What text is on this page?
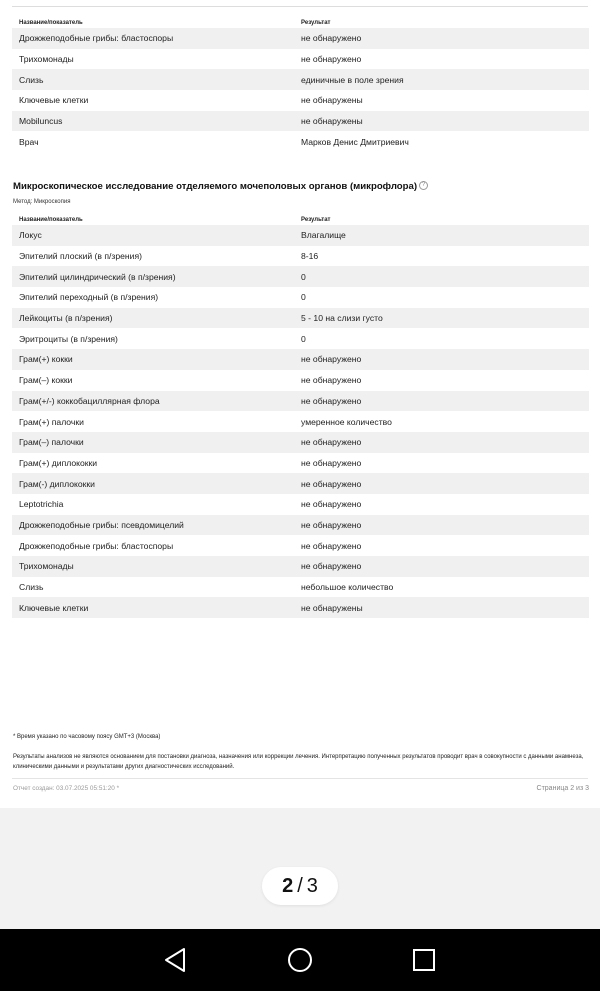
Название/показатель	Результат
Дрожжеподобные грибы: бластоспоры	не обнаружено
Трихомонады	не обнаружено
Слизь	единичные в поле зрения
Ключевые клетки	не обнаружены
Mobiluncus	не обнаружены
Врач	Марков Денис Дмитриевич
Микроскопическое исследование отделяемого мочеполовых органов (микрофлора) ?
Метод: Микроскопия
Название/показатель	Результат
Локус	Влагалище
Эпителий плоский (в п/зрения)	8-16
Эпителий цилиндрический (в п/зрения)	0
Эпителий переходный (в п/зрения)	0
Лейкоциты (в п/зрения)	5 - 10 на слизи густо
Эритроциты (в п/зрения)	0
Грам(+) кокки	не обнаружено
Грам(–) кокки	не обнаружено
Грам(+/-) коккобациллярная флора	не обнаружено
Грам(+) палочки	умеренное количество
Грам(–) палочки	не обнаружено
Грам(+) диплококки	не обнаружено
Грам(-) диплококки	не обнаружено
Leptotrichia	не обнаружено
Дрожжеподобные грибы: псевдомицелий	не обнаружено
Дрожжеподобные грибы: бластоспоры	не обнаружено
Трихомонады	не обнаружено
Слизь	небольшое количество
Ключевые клетки	не обнаружены
* Время указано по часовому поясу GMT+3 (Москва)
Результаты анализов не являются основанием для постановки диагноза, назначения или коррекции лечения. Интерпретацию полученных результатов проводит врач в совокупности с данными анамнеза, клиническими данными и результатами других диагностических исследований.
Отчет создан: 03.07.2025 05:51:20 *	Страница 2 из 3
2 / 3
